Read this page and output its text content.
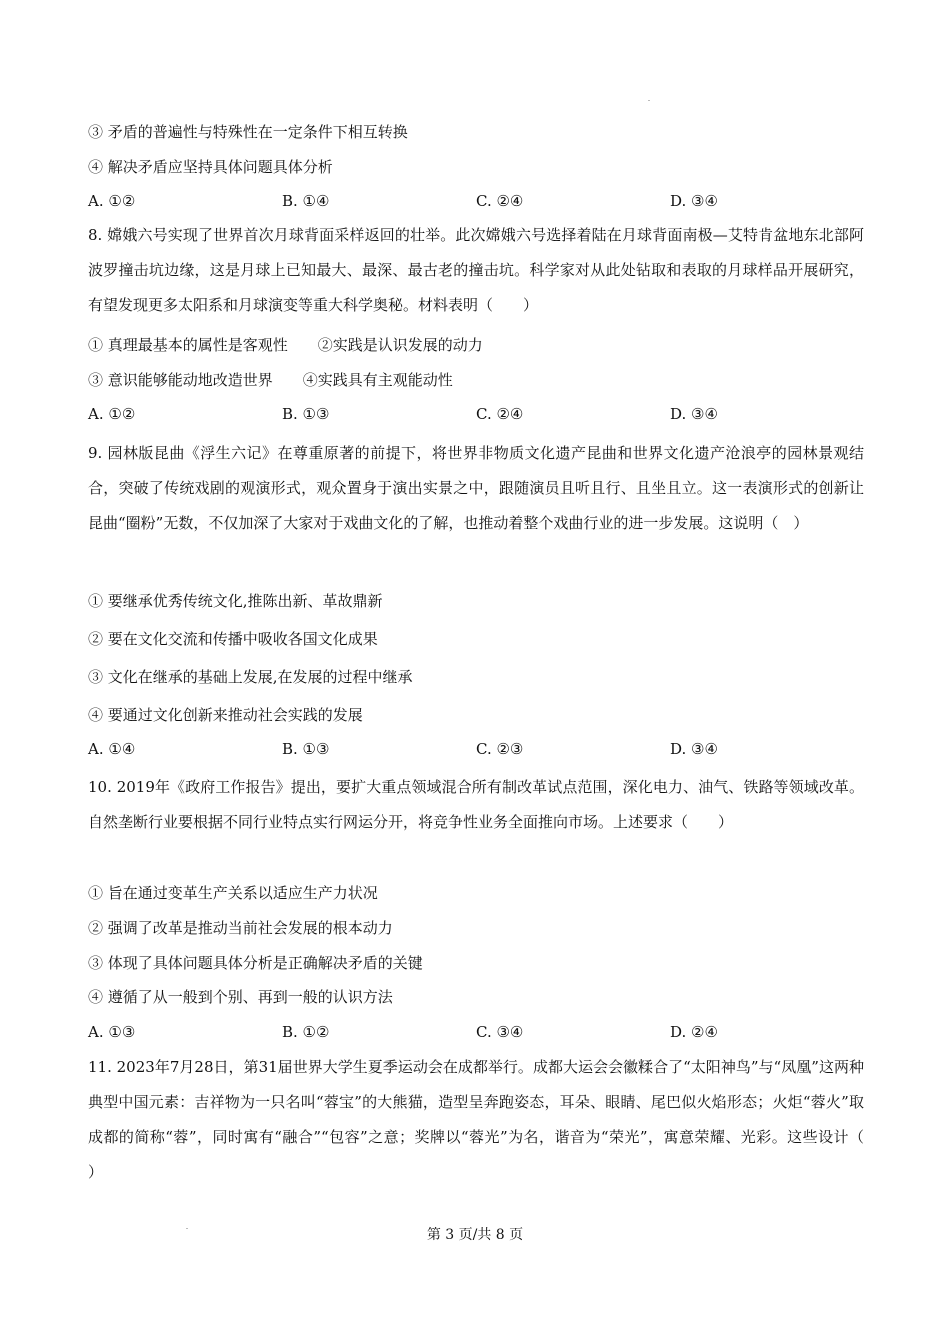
③ 矛盾的普遍性与特殊性在一定条件下相互转换
④ 解决矛盾应坚持具体问题具体分析
A. ①②	B. ①④	C. ②④	D. ③④
8. 嫦娥六号实现了世界首次月球背面采样返回的壮举。此次嫦娥六号选择着陆在月球背面南极—艾特肯盆地东北部阿波罗撞击坑边缘，这是月球上已知最大、最深、最古老的撞击坑。科学家对从此处钻取和表取的月球样品开展研究，有望发现更多太阳系和月球演变等重大科学奥秘。材料表明（　　）
① 真理最基本的属性是客观性　　②实践是认识发展的动力
③ 意识能够能动地改造世界　　④实践具有主观能动性
A. ①②	B. ①③	C. ②④	D. ③④
9. 园林版昆曲《浮生六记》在尊重原著的前提下，将世界非物质文化遗产昆曲和世界文化遗产沧浪亭的园林景观结合，突破了传统戏剧的观演形式，观众置身于演出实景之中，跟随演员且听且行、且坐且立。这一表演形式的创新让昆曲“圈粉”无数，不仅加深了大家对于戏曲文化的了解，也推动着整个戏曲行业的进一步发展。这说明（　）
① 要继承优秀传统文化,推陈出新、革故鼎新
② 要在文化交流和传播中吸收各国文化成果
③ 文化在继承的基础上发展,在发展的过程中继承
④ 要通过文化创新来推动社会实践的发展
A. ①④	B. ①③	C. ②③	D. ③④
10. 2019年《政府工作报告》提出，要扩大重点领域混合所有制改革试点范围，深化电力、油气、铁路等领域改革。自然垄断行业要根据不同行业特点实行网运分开，将竞争性业务全面推向市场。上述要求（　　）
① 旨在通过变革生产关系以适应生产力状况
② 强调了改革是推动当前社会发展的根本动力
③ 体现了具体问题具体分析是正确解决矛盾的关键
④ 遵循了从一般到个别、再到一般的认识方法
A. ①③	B. ①②	C. ③④	D. ②④
11. 2023年7月28日，第31届世界大学生夏季运动会在成都举行。成都大运会会徽糅合了“太阳神鸟”与“凤凰”这两种典型中国元素：吉祥物为一只名叫“蓉宝”的大熊猫，造型呈奔跑姿态，耳朵、眼睛、尾巴似火焰形态；火炬“蓉火”取成都的简称“蓉”，同时寓有“融合”“包容”之意；奖牌以“蓉光”为名，谐音为“荣光”，寓意荣耀、光彩。这些设计（　　）
第 3 页/共 8 页
